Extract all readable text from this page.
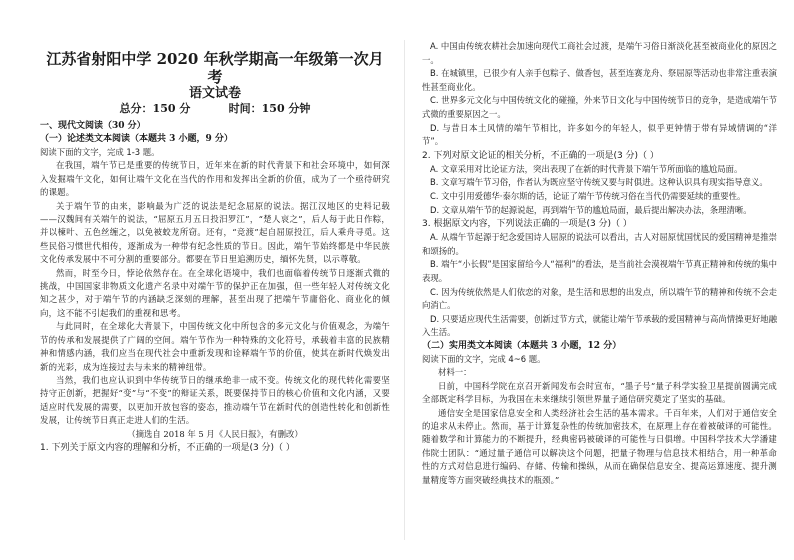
江苏省射阳中学 2020 年秋学期高一年级第一次月考
语文试卷
总分：150 分          时间：150 分钟
一、现代文阅读（30 分）
（一）论述类文本阅读（本题共 3 小题，9 分）
阅读下面的文字，完成 1-3 题。

在我国，端午节已是重要的传统节日，近年来在新的时代背景下和社会环境中，如何深入发掘端午文化，如何让端午文化在当代的作用和发挥出全新的价值，成为了一个亟待研究的课题。

关于端午节的由来，影响最为广泛的说法是纪念屈原的说法。据江汉地区的史料记载——汉魏间有关端午的说法，“屈原五月五日投汨罗江”，“楚人哀之”，后人每于此日作粽，并以楝叶、五色丝缠之，以免被蛟龙所窃。还有，“竞渡”起自屈原投江，后人乘舟寻觅。这些民俗习惯世代相传，逐渐成为一种带有纪念性质的节日。因此，端午节始终都是中华民族文化传承发展中不可分割的重要部分。都要在节日里追溯历史，缅怀先贤，以示尊敬。

然而，时至今日，悖论依然存在。在全球化语境中，我们也面临着传统节日逐渐式微的挑战，中国国家非物质文化遗产名录中对端午节的保护正在加强，但一些年轻人对传统文化知之甚少，对于端午节的内涵缺乏深刻的理解，甚至出现了把端午节庸俗化、商业化的倾向，这不能不引起我们的重视和思考。

与此同时，在全球化大背景下，中国传统文化中所包含的多元文化与价值观念，为端午节的传承和发展提供了广阔的空间。端午节作为一种特殊的文化符号，承载着丰富的民族精神和情感内涵，我们应当在现代社会中重新发现和诠释端午节的价值，使其在新时代焕发出新的光彩，成为连接过去与未来的精神纽带。

当然，我们也应认识到中华传统节日的继承绝非一成不变。传统文化的现代转化需要坚持守正创新，把握好“变”与“不变”的辩证关系，既要保持节日的核心价值和文化内涵，又要适应时代发展的需要，以更加开放包容的姿态，推动端午节在新时代的创造性转化和创新性发展，让传统节日真正走进人们的生活。

（摘选自 2018 年 5 月《人民日报》，有删改）
1. 下列关于原文内容的理解和分析，不正确的一项是(3 分)（ ）

A. 中国由传统农耕社会加速向现代工商社会过渡，是端午习俗日渐淡化甚至被商业化的原因之一。

B. 在城镇里，已很少有人亲手包粽子、做香包，甚至连赛龙舟、祭屈原等活动也非常注重表演性甚至商业化。

C. 世界多元文化与中国传统文化的碰撞，外来节日文化与中国传统节日的竞争，是造成端午节式微的重要原因之一。

D. 与昔日本土风情的端午节相比，许多如今的年轻人，似乎更钟情于带有异域情调的“洋节”。

2. 下列对原文论证的相关分析，不正确的一项是(3 分)（ ）

A. 文章采用对比论证方法，突出表现了在新的时代背景下端午节所面临的尴尬局面。

B. 文章写端午节习俗，作者认为既应坚守传统又要与时俱进。这种认识具有现实指导意义。

C. 文中引用爱德华·泰尔斯的话，论证了端午节传统习俗在当代仍需要延续的重要性。

D. 文章从端午节的起源说起，再到端午节的尴尬局面，最后提出解决办法，条理清晰。

3. 根据原文内容，下列说法正确的一项是(3 分)（ ）

A. 从端午节起源于纪念爱国诗人屈原的说法可以看出，古人对屈原忧国忧民的爱国精神是推崇和颂扬的。

B. 端午“小长假”是国家留给今人“福利”的看法，是当前社会漠视端午节真正精神和传统的集中表现。

C. 因为传统依然是人们依恋的对象，是生活和思想的出发点，所以端午节的精神和传统不会走向消亡。

D. 只要适应现代生活需要，创新过节方式，就能让端午节承载的爱国精神与高尚情操更好地融入生活。

（二）实用类文本阅读（本题共 3 小题，12 分）
阅读下面的文字，完成 4~6 题。
材料一：

日前，中国科学院在京召开新闻发布会时宣布，“墨子号”量子科学实验卫星提前圆满完成全部既定科学目标，为我国在未来继续引领世界量子通信研究奠定了坚实的基础。

通信安全是国家信息安全和人类经济社会生活的基本需求。千百年来，人们对于通信安全的追求从未停止。然而，基于计算复杂性的传统加密技术，在原理上存在着被破译的可能性。随着数学和计算能力的不断提升，经典密码被破译的可能性与日俱增。中国科学技术大学潘建伟院士团队：“通过量子通信可以解决这个问题，把量子物理与信息技术相结合，用一种革命性的方式对信息进行编码、存储、传输和操纵，从而在确保信息安全、提高运算速度、提升测量精度等方面突破经典技术的瓶颈。”
